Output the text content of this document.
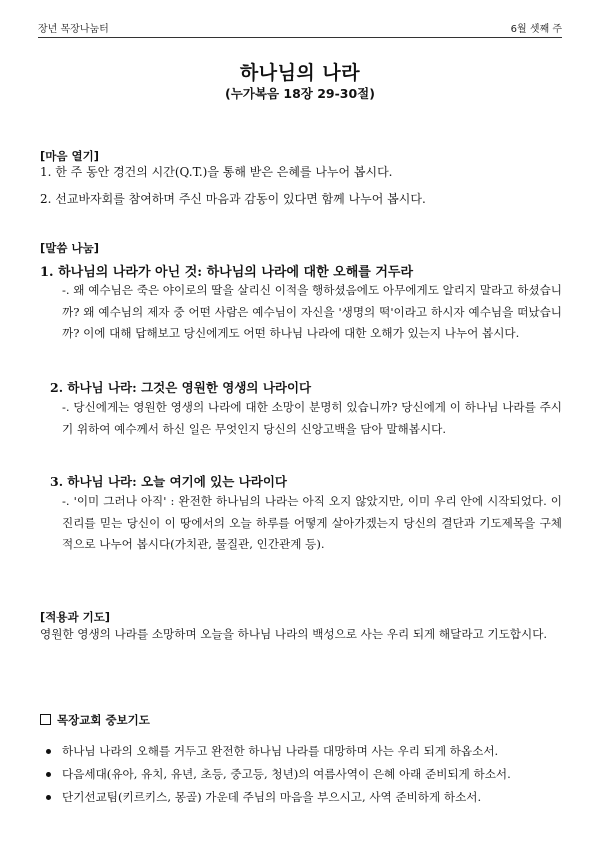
장년 목장나눔터	6월 셋째 주
하나님의 나라
(누가복음 18장 29-30절)
[마음 열기]
1. 한 주 동안 경건의 시간(Q.T.)을 통해 받은 은혜를 나누어 봅시다.
2. 선교바자회를 참여하며 주신 마음과 감동이 있다면 함께 나누어 봅시다.
[말씀 나눔]
1. 하나님의 나라가 아닌 것: 하나님의 나라에 대한 오해를 거두라
-. 왜 예수님은 죽은 야이로의 딸을 살리신 이적을 행하셨음에도 아무에게도 알리지 말라고 하셨습니까? 왜 예수님의 제자 중 어떤 사람은 예수님이 자신을 '생명의 떡'이라고 하시자 예수님을 떠났습니까? 이에 대해 답해보고 당신에게도 어떤 하나님 나라에 대한 오해가 있는지 나누어 봅시다.
2. 하나님 나라: 그것은 영원한 영생의 나라이다
-. 당신에게는 영원한 영생의 나라에 대한 소망이 분명히 있습니까? 당신에게 이 하나님 나라를 주시기 위하여 예수께서 하신 일은 무엇인지 당신의 신앙고백을 담아 말해봅시다.
3. 하나님 나라: 오늘 여기에 있는 나라이다
-. '이미 그러나 아직' : 완전한 하나님의 나라는 아직 오지 않았지만, 이미 우리 안에 시작되었다. 이 진리를 믿는 당신이 이 땅에서의 오늘 하루를 어떻게 살아가겠는지 당신의 결단과 기도제목을 구체적으로 나누어 봅시다(가치관, 물질관, 인간관계 등).
[적용과 기도]
영원한 영생의 나라를 소망하며 오늘을 하나님 나라의 백성으로 사는 우리 되게 해달라고 기도합시다.
목장교회 중보기도
하나님 나라의 오해를 거두고 완전한 하나님 나라를 대망하며 사는 우리 되게 하옵소서.
다음세대(유아, 유치, 유년, 초등, 중고등, 청년)의 여름사역이 은혜 아래 준비되게 하소서.
단기선교팀(키르키스, 몽골) 가운데 주님의 마음을 부으시고, 사역 준비하게 하소서.
